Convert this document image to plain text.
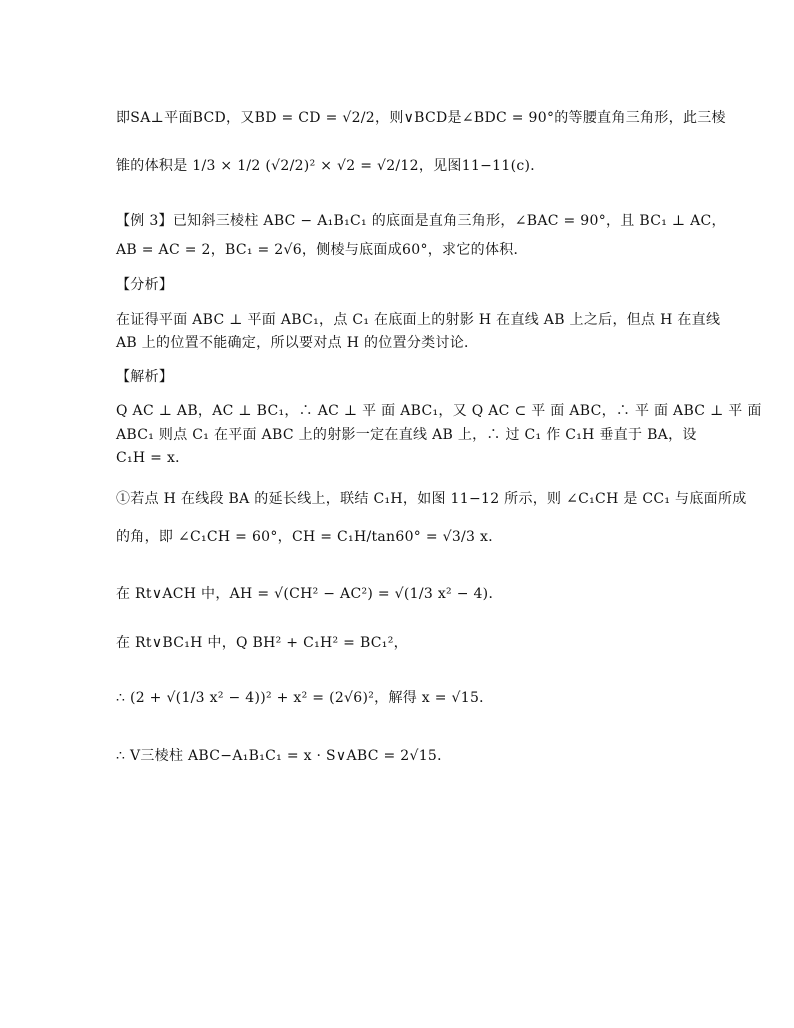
即SA⊥平面BCD，又BD = CD = √2/2，则∨BCD是∠BDC = 90°的等腰直角三角形，此三棱
锥的体积是 1/3 × 1/2 (√2/2)² × √2 = √2/12，见图11−11(c)．
【例 3】已知斜三棱柱 ABC − A₁B₁C₁ 的底面是直角三角形，∠BAC = 90°，且 BC₁ ⊥ AC，
AB = AC = 2，BC₁ = 2√6，侧棱与底面成60°，求它的体积．
【分析】
在证得平面 ABC ⊥ 平面 ABC₁，点 C₁ 在底面上的射影 H 在直线 AB 上之后，但点 H 在直线
AB 上的位置不能确定，所以要对点 H 的位置分类讨论．
【解析】
Q AC ⊥ AB，AC ⊥ BC₁，∴ AC ⊥ 平 面 ABC₁，又 Q AC ⊂ 平 面 ABC，∴ 平 面 ABC ⊥ 平 面
ABC₁ 则点 C₁ 在平面 ABC 上的射影一定在直线 AB 上，∴ 过 C₁ 作 C₁H 垂直于 BA，设
C₁H = x．
①若点 H 在线段 BA 的延长线上，联结 C₁H，如图 11−12 所示，则 ∠C₁CH 是 CC₁ 与底面所成
的角，即 ∠C₁CH = 60°，CH = C₁H/tan60° = √3/3 x．
在 Rt∨ACH 中，AH = √(CH² − AC²) = √(1/3 x² − 4)．
在 Rt∨BC₁H 中，Q BH² + C₁H² = BC₁²，
∴ (2 + √(1/3 x² − 4))² + x² = (2√6)²，解得 x = √15．
∴ V三棱柱 ABC−A₁B₁C₁ = x · S∨ABC = 2√15．
